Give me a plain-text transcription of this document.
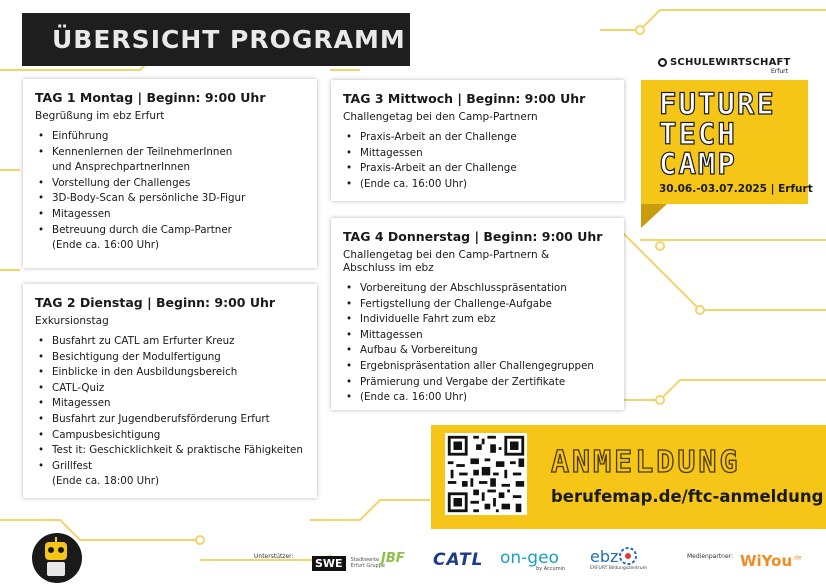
ÜBERSICHT PROGRAMM
SCHULEWIRTSCHAFT
Erfurt
FUTURE
TECH
CAMP
30.06.-03.07.2025 | Erfurt
TAG 1 Montag | Beginn: 9:00 Uhr
Begrüßung im ebz Erfurt
• Einführung
• Kennenlernen der TeilnehmerInnen
und AnsprechpartnerInnen
• Vorstellung der Challenges
• 3D-Body-Scan & persönliche 3D-Figur
• Mitagessen
• Betreuung durch die Camp-Partner
(Ende ca. 16:00 Uhr)
TAG 2 Dienstag | Beginn: 9:00 Uhr
Exkursionstag
• Busfahrt zu CATL am Erfurter Kreuz
• Besichtigung der Modulfertigung
• Einblicke in den Ausbildungsbereich
• CATL-Quiz
• Mitagessen
• Busfahrt zur Jugendberufsförderung Erfurt
• Campusbesichtigung
• Test it: Geschicklichkeit & praktische Fähigkeiten
• Grillfest
(Ende ca. 18:00 Uhr)
TAG 3 Mittwoch | Beginn: 9:00 Uhr
Challengetag bei den Camp-Partnern
• Praxis-Arbeit an der Challenge
• Mittagessen
• Praxis-Arbeit an der Challenge
• (Ende ca. 16:00 Uhr)
TAG 4 Donnerstag | Beginn: 9:00 Uhr
Challengetag bei den Camp-Partnern & Abschluss im ebz
• Vorbereitung der Abschlusspräsentation
• Fertigstellung der Challenge-Aufgabe
• Individuelle Fahrt zum ebz
• Mittagessen
• Aufbau & Vorbereitung
• Ergebnispräsentation aller Challengegruppen
• Prämierung und Vergabe der Zertifikate
• (Ende ca. 16:00 Uhr)
ANMELDUNG
berufemap.de/ftc-anmeldung
Unterstützer:
SWE Stadtwerke
Erfurt Gruppe
JBF CATL on-geo
by Accumin
ebz
ERFURT Bildungszentrum
Medienpartner: WiYou$^{.de}$
